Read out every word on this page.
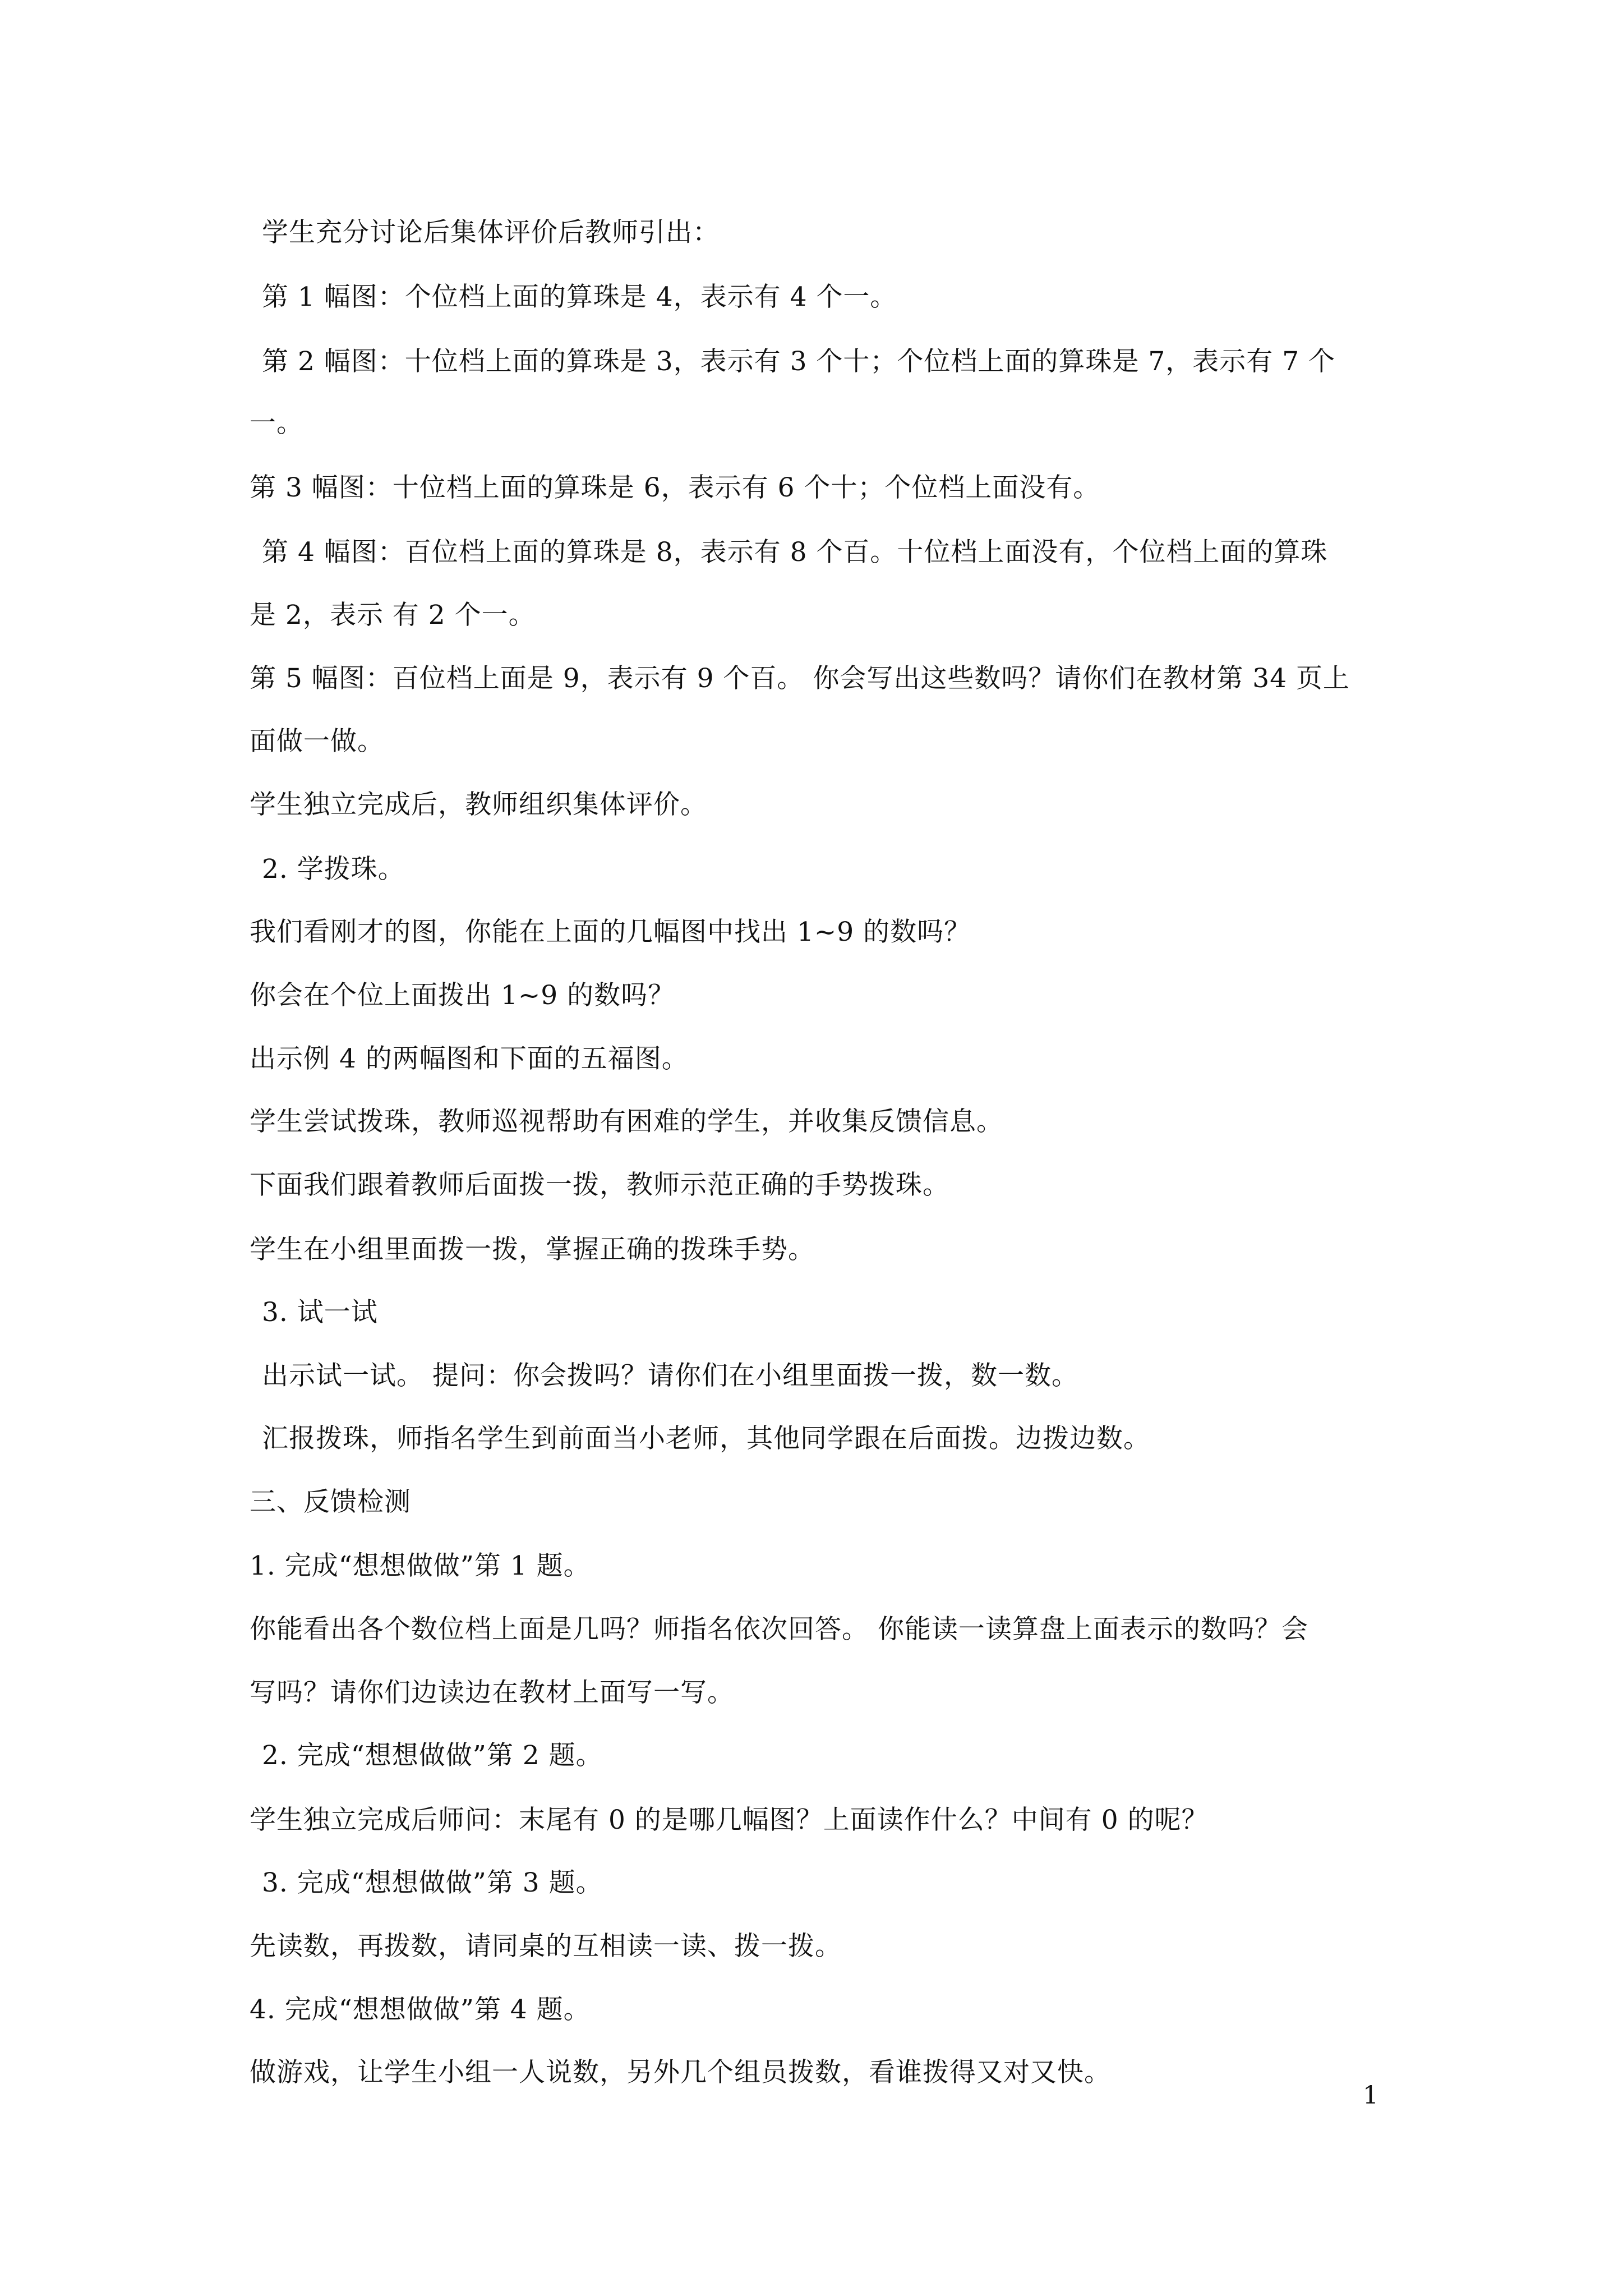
学生充分讨论后集体评价后教师引出：
第 1 幅图：个位档上面的算珠是 4，表示有 4 个一。
第 2 幅图：十位档上面的算珠是 3，表示有 3 个十；个位档上面的算珠是 7，表示有 7 个
一。
第 3 幅图：十位档上面的算珠是 6，表示有 6 个十；个位档上面没有。
第 4 幅图：百位档上面的算珠是 8，表示有 8 个百。十位档上面没有，个位档上面的算珠
是 2，表示 有 2 个一。
第 5 幅图：百位档上面是 9，表示有 9 个百。 你会写出这些数吗？请你们在教材第 34 页上
面做一做。
学生独立完成后，教师组织集体评价。
2. 学拨珠。
我们看刚才的图，你能在上面的几幅图中找出 1~9 的数吗？
你会在个位上面拨出 1~9 的数吗？
出示例 4 的两幅图和下面的五福图。
学生尝试拨珠，教师巡视帮助有困难的学生，并收集反馈信息。
下面我们跟着教师后面拨一拨，教师示范正确的手势拨珠。
学生在小组里面拨一拨，掌握正确的拨珠手势。
3. 试一试
出示试一试。 提问：你会拨吗？请你们在小组里面拨一拨，数一数。
汇报拨珠，师指名学生到前面当小老师，其他同学跟在后面拨。边拨边数。
三、反馈检测
1. 完成“想想做做”第 1 题。
你能看出各个数位档上面是几吗？师指名依次回答。 你能读一读算盘上面表示的数吗？会
写吗？请你们边读边在教材上面写一写。
2. 完成“想想做做”第 2 题。
学生独立完成后师问：末尾有 0 的是哪几幅图？上面读作什么？中间有 0 的呢？
3. 完成“想想做做”第 3 题。
先读数，再拨数，请同桌的互相读一读、拨一拨。
4. 完成“想想做做”第 4 题。
做游戏，让学生小组一人说数，另外几个组员拨数，看谁拨得又对又快。
1
